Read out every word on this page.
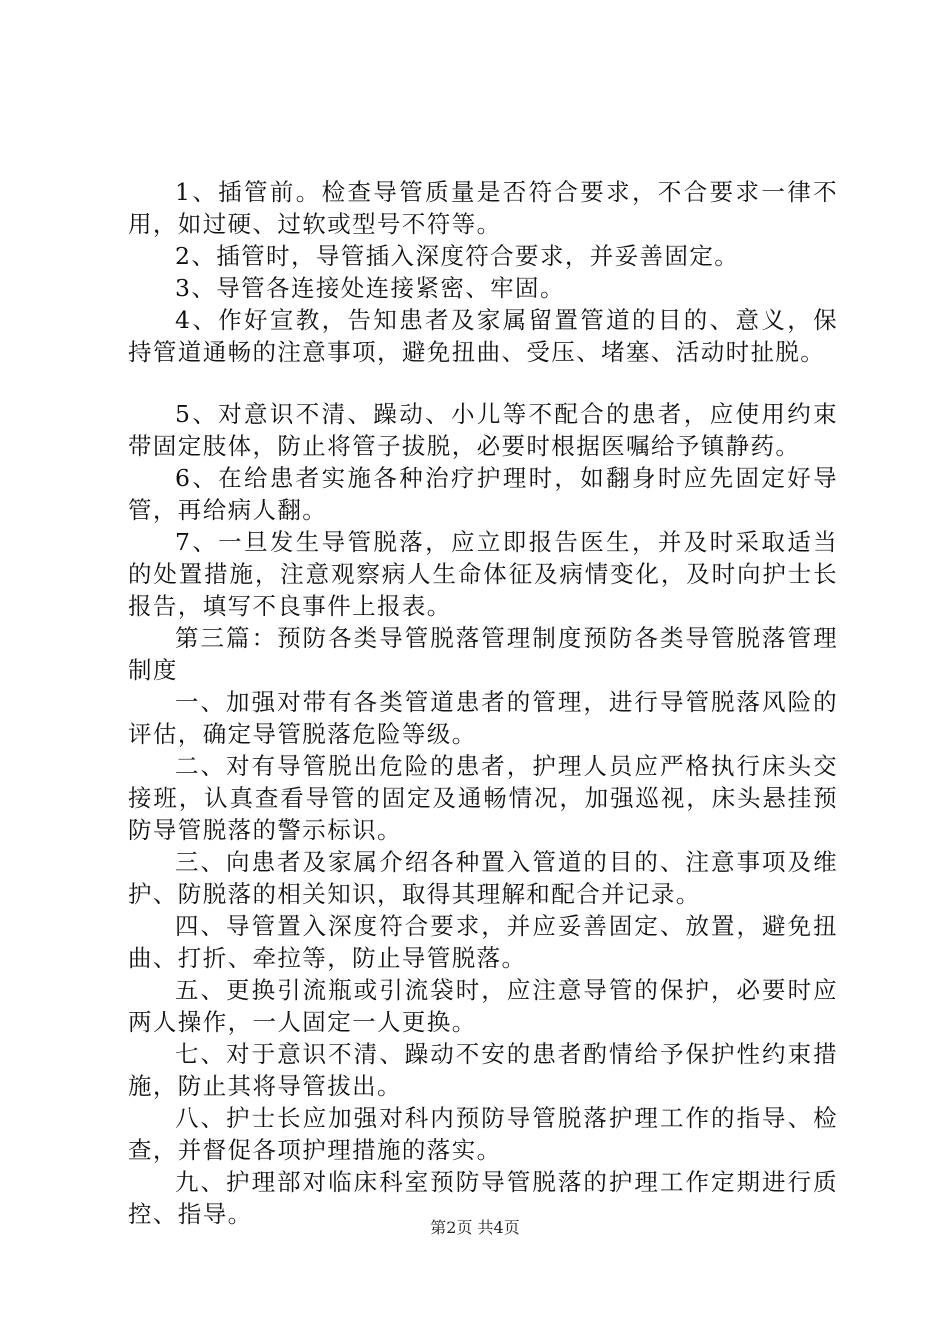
1、插管前。检查导管质量是否符合要求，不合要求一律不用，如过硬、过软或型号不符等。

2、插管时，导管插入深度符合要求，并妥善固定。

3、导管各连接处连接紧密、牢固。

4、作好宣教，告知患者及家属留置管道的目的、意义，保持管道通畅的注意事项，避免扭曲、受压、堵塞、活动时扯脱。

5、对意识不清、躁动、小儿等不配合的患者，应使用约束带固定肢体，防止将管子拔脱，必要时根据医嘱给予镇静药。

6、在给患者实施各种治疗护理时，如翻身时应先固定好导管，再给病人翻。

7、一旦发生导管脱落，应立即报告医生，并及时采取适当的处置措施，注意观察病人生命体征及病情变化，及时向护士长报告，填写不良事件上报表。

第三篇：预防各类导管脱落管理制度预防各类导管脱落管理制度

一、加强对带有各类管道患者的管理，进行导管脱落风险的评估，确定导管脱落危险等级。

二、对有导管脱出危险的患者，护理人员应严格执行床头交接班，认真查看导管的固定及通畅情况，加强巡视，床头悬挂预防导管脱落的警示标识。

三、向患者及家属介绍各种置入管道的目的、注意事项及维护、防脱落的相关知识，取得其理解和配合并记录。

四、导管置入深度符合要求，并应妥善固定、放置，避免扭曲、打折、牵拉等，防止导管脱落。

五、更换引流瓶或引流袋时，应注意导管的保护，必要时应两人操作，一人固定一人更换。

七、对于意识不清、躁动不安的患者酌情给予保护性约束措施，防止其将导管拔出。

八、护士长应加强对科内预防导管脱落护理工作的指导、检查，并督促各项护理措施的落实。

九、护理部对临床科室预防导管脱落的护理工作定期进行质控、指导。	第2页 共4页
